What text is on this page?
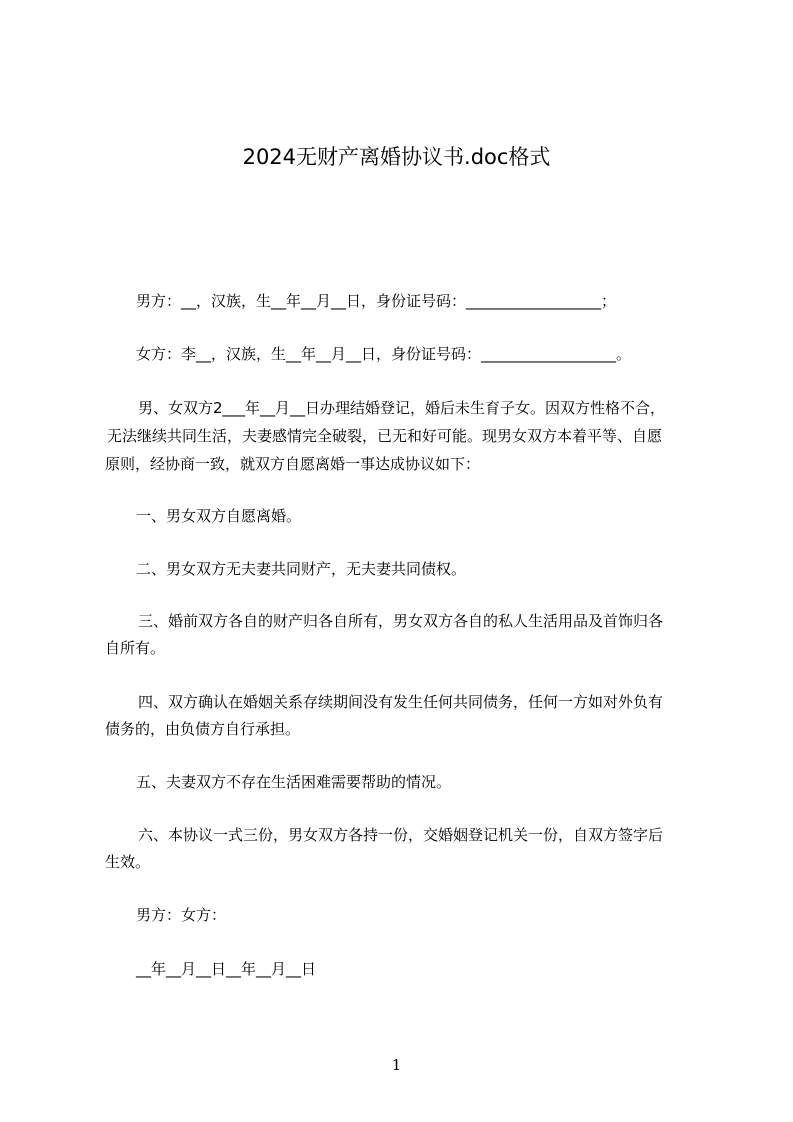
2024无财产离婚协议书.doc格式

男方：__，汉族，生__年__月__日，身份证号码：__________________；

女方：李__，汉族，生__年__月__日，身份证号码：__________________。

男、女双方2___年__月__日办理结婚登记，婚后未生育子女。因双方性格不合，

无法继续共同生活，夫妻感情完全破裂，已无和好可能。现男女双方本着平等、自愿

原则，经协商一致，就双方自愿离婚一事达成协议如下：

一、男女双方自愿离婚。

二、男女双方无夫妻共同财产，无夫妻共同债权。

三、婚前双方各自的财产归各自所有，男女双方各自的私人生活用品及首饰归各

自所有。

四、双方确认在婚姻关系存续期间没有发生任何共同债务，任何一方如对外负有

债务的，由负债方自行承担。

五、夫妻双方不存在生活困难需要帮助的情况。

六、本协议一式三份，男女双方各持一份，交婚姻登记机关一份，自双方签字后

生效。

男方：女方：

__年__月__日__年__月__日

1
